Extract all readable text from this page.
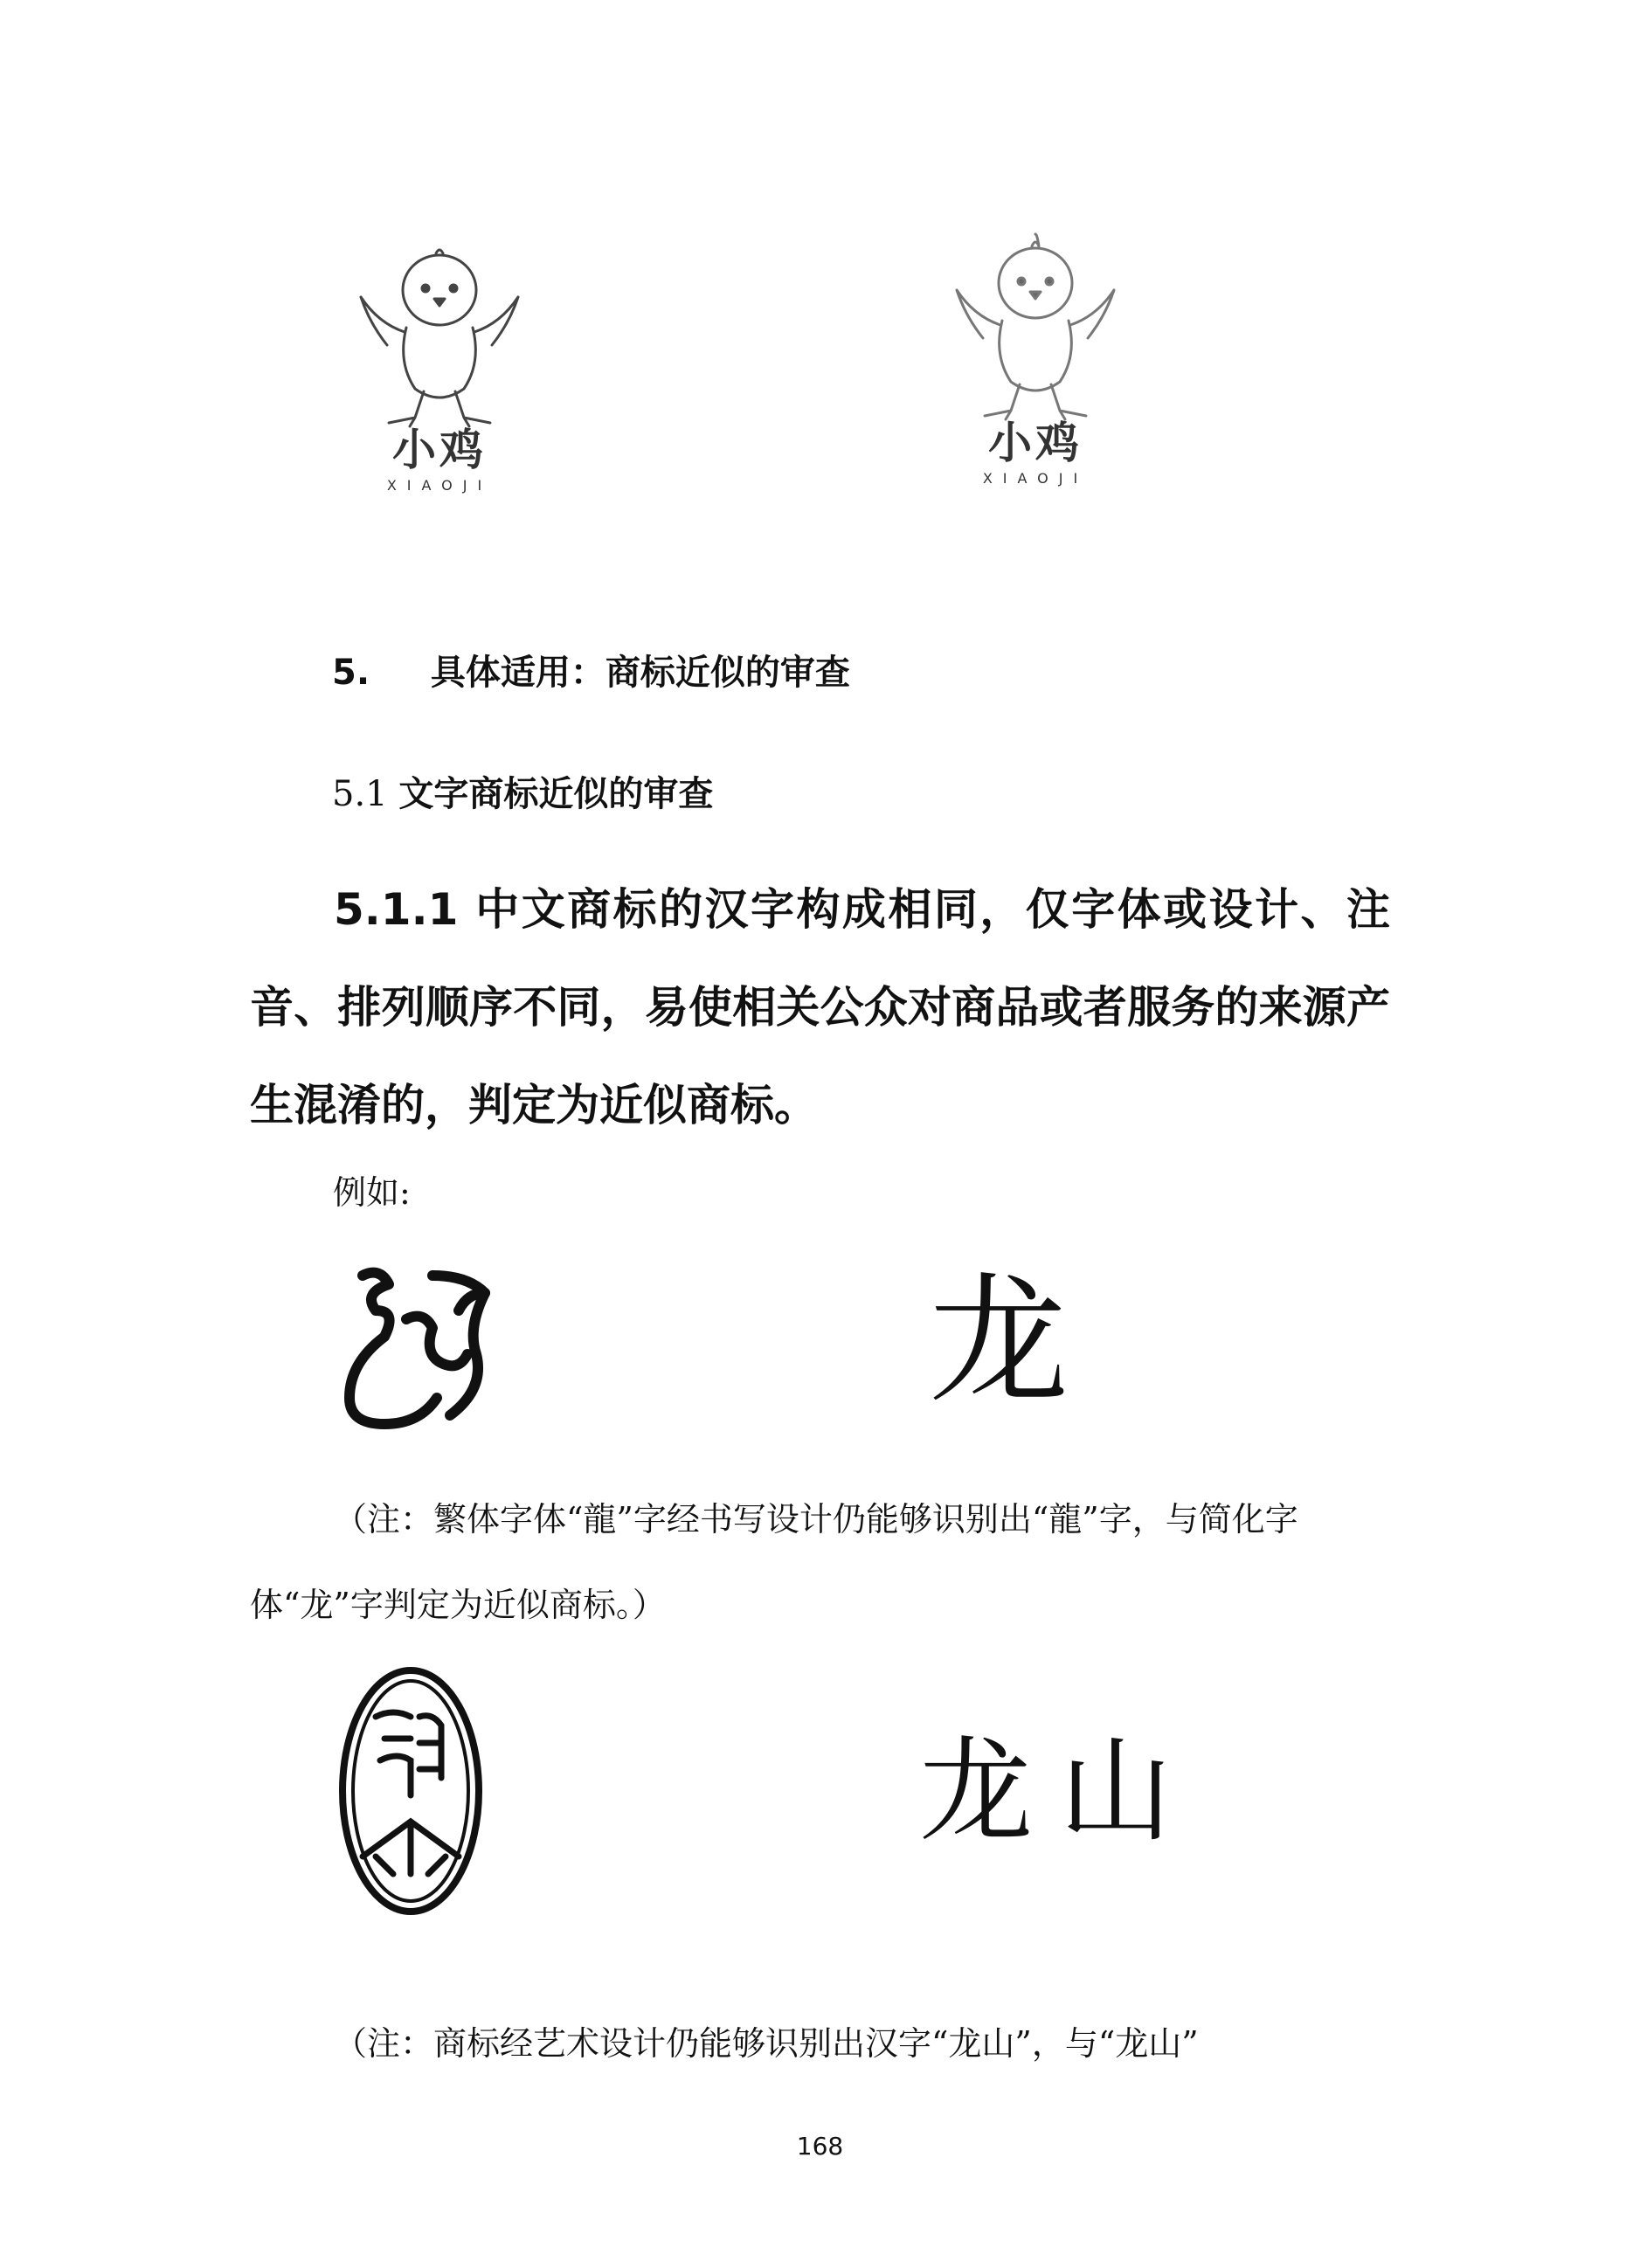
小鸡
XIAOJI
小鸡
XIAOJI
5. 具体适用：商标近似的审查
5.1 文字商标近似的审查
5.1.1 中文商标的汉字构成相同，仅字体或设计、注音、排列顺序不同，易使相关公众对商品或者服务的来源产生混淆的，判定为近似商标。
例如:
龙
（注：繁体字体“龍”字经书写设计仍能够识别出“龍”字，与简化字体“龙”字判定为近似商标。）
龙山
（注：商标经艺术设计仍能够识别出汉字“龙山”，与“龙山”
168
